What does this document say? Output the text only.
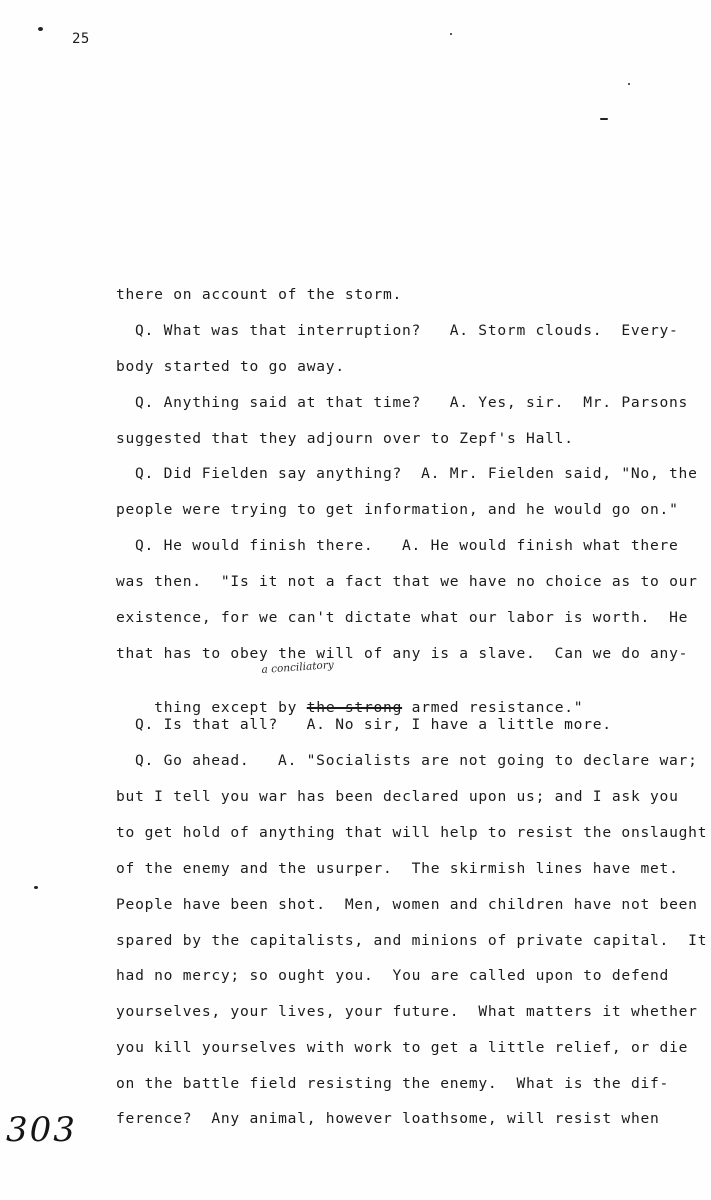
25
there on account of the storm.
Q. What was that interruption?   A. Storm clouds.  Every-
body started to go away.
Q. Anything said at that time?   A. Yes, sir.  Mr. Parsons
suggested that they adjourn over to Zepf's Hall.
Q. Did Fielden say anything?  A. Mr. Fielden said, "No, the
people were trying to get information, and he would go on."
Q. He would finish there.   A. He would finish what there
was then.  "Is it not a fact that we have no choice as to our
existence, for we can't dictate what our labor is worth.  He
that has to obey the will of any is a slave.  Can we do any-
a conciliatory

thing except by the strong armed resistance."

Q. Is that all?   A. No sir, I have a little more.
Q. Go ahead.   A. "Socialists are not going to declare war;
but I tell you war has been declared upon us; and I ask you
to get hold of anything that will help to resist the onslaught
of the enemy and the usurper.  The skirmish lines have met.
People have been shot.  Men, women and children have not been
spared by the capitalists, and minions of private capital.  It
had no mercy; so ought you.  You are called upon to defend
yourselves, your lives, your future.  What matters it whether
you kill yourselves with work to get a little relief, or die
on the battle field resisting the enemy.  What is the dif-
ference?  Any animal, however loathsome, will resist when
303
